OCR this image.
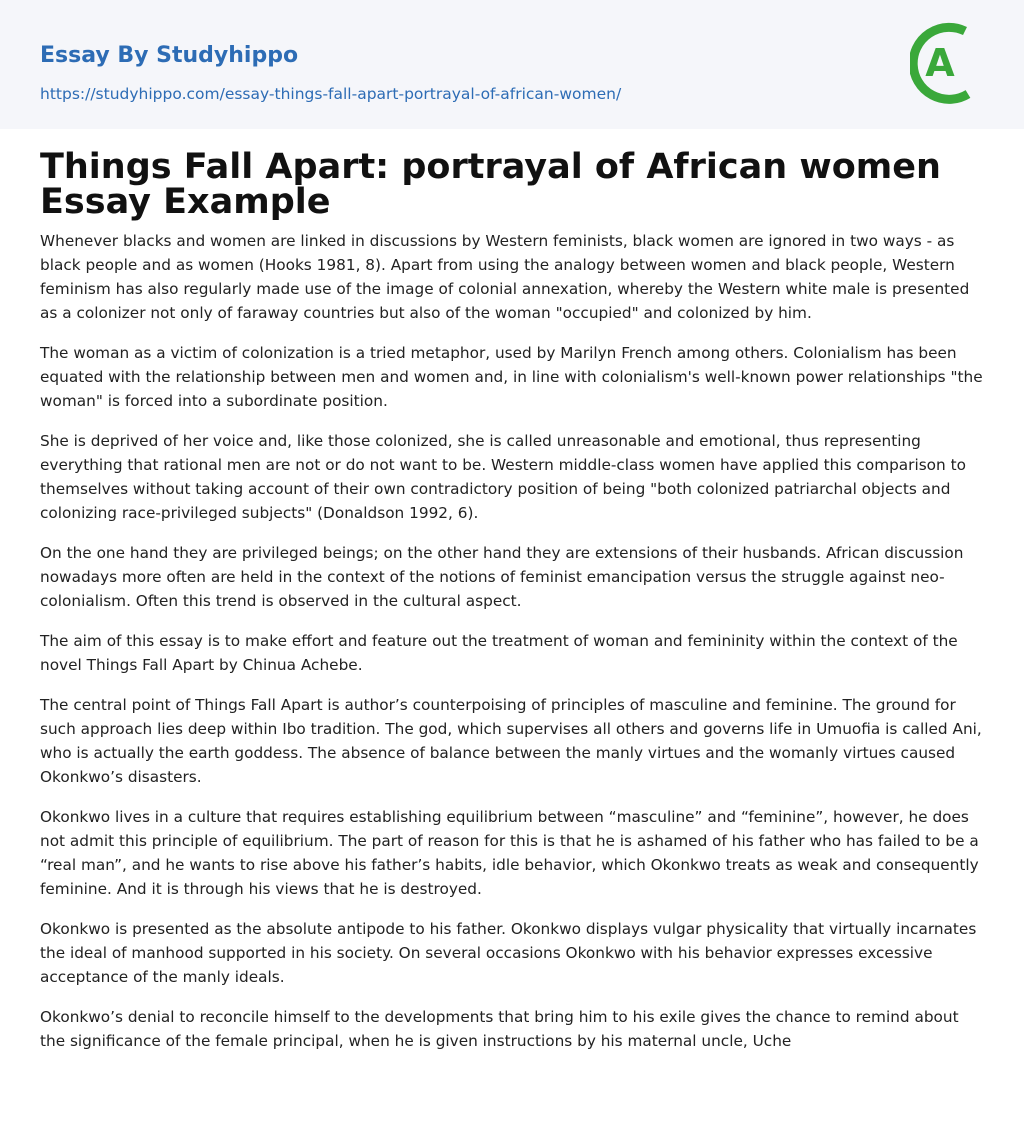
Essay By Studyhippo
https://studyhippo.com/essay-things-fall-apart-portrayal-of-african-women/
A
Things Fall Apart: portrayal of African women Essay Example

Whenever blacks and women are linked in discussions by Western feminists, black women are ignored in two ways - as black people and as women (Hooks 1981, 8). Apart from using the analogy between women and black people, Western feminism has also regularly made use of the image of colonial annexation, whereby the Western white male is presented as a colonizer not only of faraway countries but also of the woman "occupied" and colonized by him.

The woman as a victim of colonization is a tried metaphor, used by Marilyn French among others. Colonialism has been equated with the relationship between men and women and, in line with colonialism's well-known power relationships "the woman" is forced into a subordinate position.

She is deprived of her voice and, like those colonized, she is called unreasonable and emotional, thus representing everything that rational men are not or do not want to be. Western middle-class women have applied this comparison to themselves without taking account of their own contradictory position of being "both colonized patriarchal objects and colonizing race-privileged subjects" (Donaldson 1992, 6).

On the one hand they are privileged beings; on the other hand they are extensions of their husbands. African discussion nowadays more often are held in the context of the notions of feminist emancipation versus the struggle against neo-colonialism. Often this trend is observed in the cultural aspect.

The aim of this essay is to make effort and feature out the treatment of woman and femininity within the context of the novel Things Fall Apart by Chinua Achebe.

The central point of Things Fall Apart is author’s counterpoising of principles of masculine and feminine. The ground for such approach lies deep within Ibo tradition. The god, which supervises all others and governs life in Umuofia is called Ani, who is actually the earth goddess. The absence of balance between the manly virtues and the womanly virtues caused Okonkwo’s disasters.

Okonkwo lives in a culture that requires establishing equilibrium between “masculine” and “feminine”, however, he does not admit this principle of equilibrium. The part of reason for this is that he is ashamed of his father who has failed to be a “real man”, and he wants to rise above his father’s habits, idle behavior, which Okonkwo treats as weak and consequently feminine. And it is through his views that he is destroyed.

Okonkwo is presented as the absolute antipode to his father. Okonkwo displays vulgar physicality that virtually incarnates the ideal of manhood supported in his society. On several occasions Okonkwo with his behavior expresses excessive acceptance of the manly ideals.

Okonkwo’s denial to reconcile himself to the developments that bring him to his exile gives the chance to remind about the significance of the female principal, when he is given instructions by his maternal uncle, Uche
